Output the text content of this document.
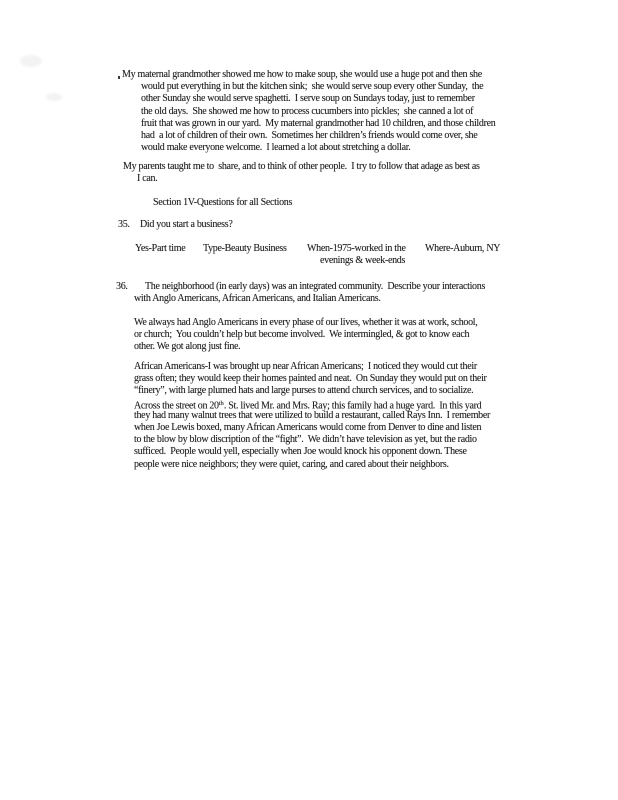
My maternal grandmother showed me how to make soup, she would use a huge pot and then she
would put everything in but the kitchen sink;  she would serve soup every other Sunday,  the
other Sunday she would serve spaghetti.  I serve soup on Sundays today, just to remember
the old days.  She showed me how to process cucumbers into pickles;  she canned a lot of
fruit that was grown in our yard.  My maternal grandmother had 10 children, and those children
had  a lot of children of their own.  Sometimes her children’s friends would come over, she
would make everyone welcome.  I learned a lot about stretching a dollar.
My parents taught me to  share, and to think of other people.  I try to follow that adage as best as
I can.
Section 1V-Questions for all Sections
35. Did you start a business?
Yes-Part time Type-Beauty Business When-1975-worked in the Where-Auburn, NY
evenings & week-ends
36. The neighborhood (in early days) was an integrated community.  Describe your interactions
with Anglo Americans, African Americans, and Italian Americans.
We always had Anglo Americans in every phase of our lives, whether it was at work, school,
or church;  You couldn’t help but become involved.  We intermingled, & got to know each
other. We got along just fine.
African Americans-I was brought up near African Americans;  I noticed they would cut their
grass often; they would keep their homes painted and neat.  On Sunday they would put on their
“finery”, with large plumed hats and large purses to attend church services, and to socialize.
Across the street on 20th. St. lived Mr. and Mrs. Ray; this family had a huge yard.  In this yard
they had many walnut trees that were utilized to build a restaurant, called Rays Inn.  I remember
when Joe Lewis boxed, many African Americans would come from Denver to dine and listen
to the blow by blow discription of the “fight”.  We didn’t have television as yet, but the radio
sufficed.  People would yell, especially when Joe would knock his opponent down. These
people were nice neighbors; they were quiet, caring, and cared about their neighbors.
